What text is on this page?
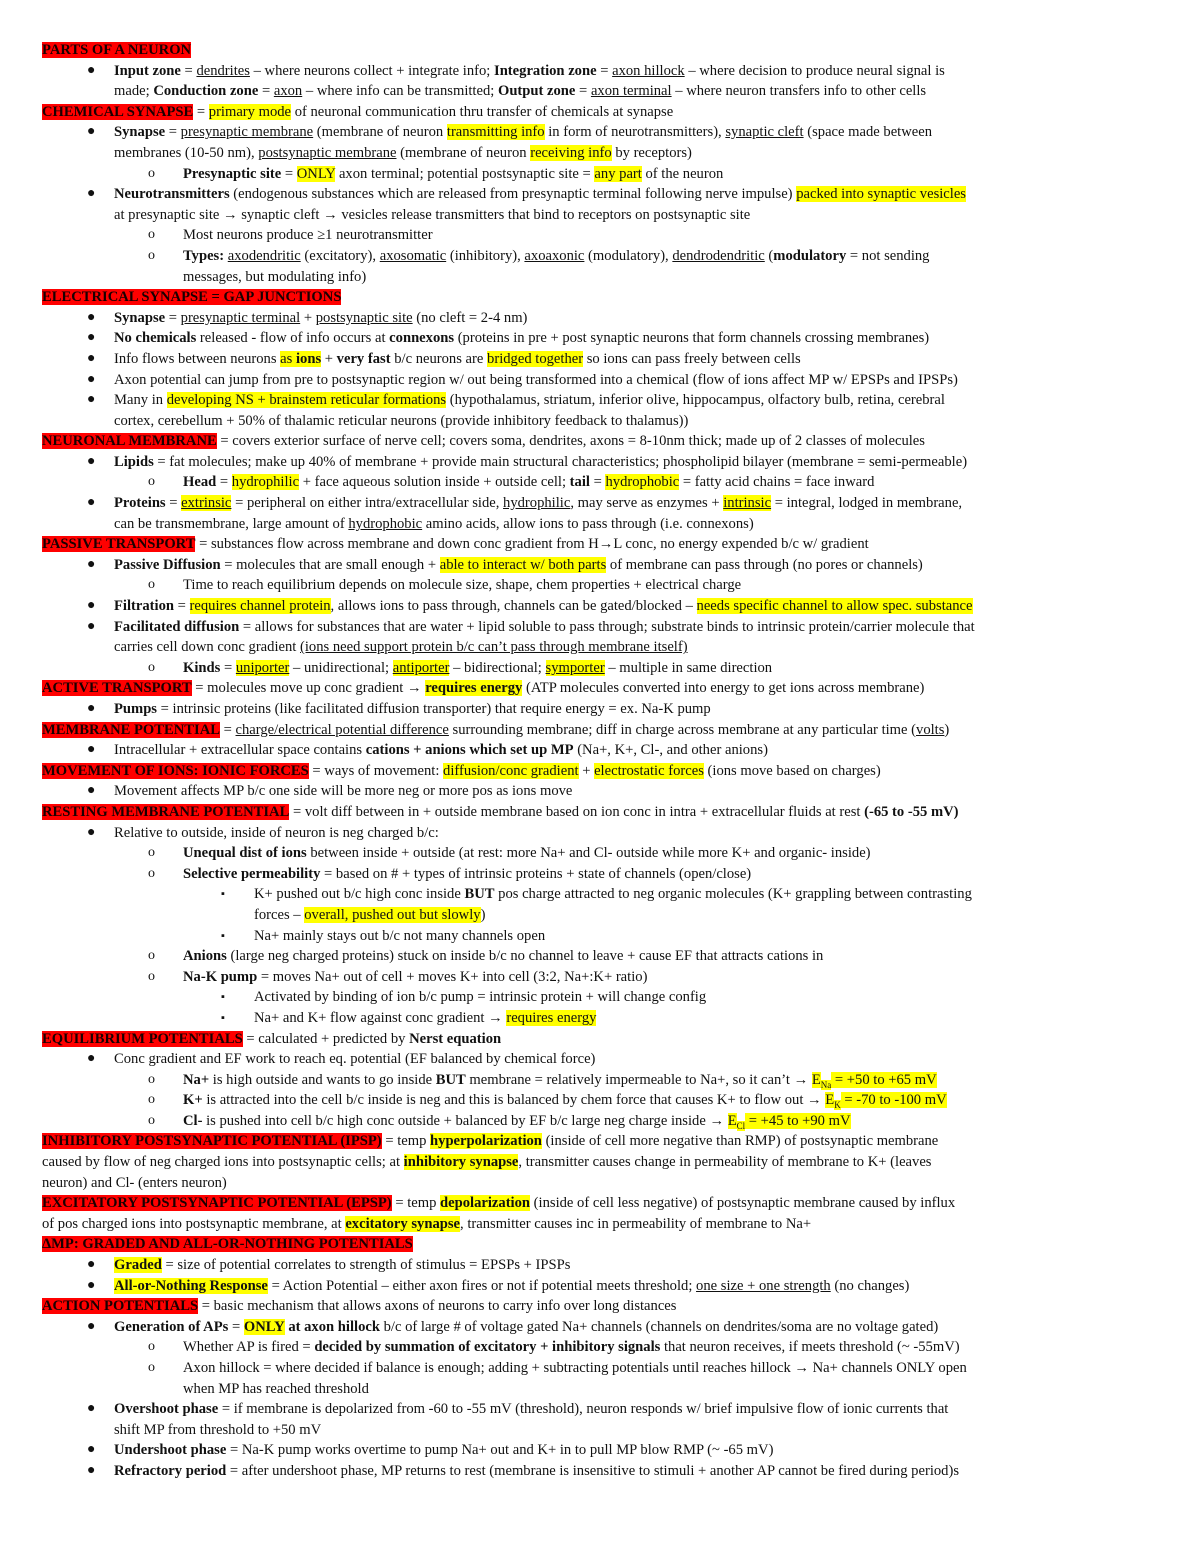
PARTS OF A NEURON
● Input zone = dendrites – where neurons collect + integrate info; Integration zone = axon hillock – where decision to produce neural signal is
made; Conduction zone = axon – where info can be transmitted; Output zone = axon terminal – where neuron transfers info to other cells
CHEMICAL SYNAPSE = primary mode of neuronal communication thru transfer of chemicals at synapse
● Synapse = presynaptic membrane (membrane of neuron transmitting info in form of neurotransmitters), synaptic cleft (space made between
membranes (10-50 nm), postsynaptic membrane (membrane of neuron receiving info by receptors)
o Presynaptic site = ONLY axon terminal; potential postsynaptic site = any part of the neuron
● Neurotransmitters (endogenous substances which are released from presynaptic terminal following nerve impulse) packed into synaptic vesicles
at presynaptic site → synaptic cleft → vesicles release transmitters that bind to receptors on postsynaptic site
o Most neurons produce ≥1 neurotransmitter
o Types: axodendritic (excitatory), axosomatic (inhibitory), axoaxonic (modulatory), dendrodendritic (modulatory = not sending
messages, but modulating info)
ELECTRICAL SYNAPSE = GAP JUNCTIONS
● Synapse = presynaptic terminal + postsynaptic site (no cleft = 2-4 nm)
● No chemicals released - flow of info occurs at connexons (proteins in pre + post synaptic neurons that form channels crossing membranes)
● Info flows between neurons as ions + very fast b/c neurons are bridged together so ions can pass freely between cells
● Axon potential can jump from pre to postsynaptic region w/ out being transformed into a chemical (flow of ions affect MP w/ EPSPs and IPSPs)
● Many in developing NS + brainstem reticular formations (hypothalamus, striatum, inferior olive, hippocampus, olfactory bulb, retina, cerebral
cortex, cerebellum + 50% of thalamic reticular neurons (provide inhibitory feedback to thalamus))
NEURONAL MEMBRANE = covers exterior surface of nerve cell; covers soma, dendrites, axons = 8-10nm thick; made up of 2 classes of molecules
● Lipids = fat molecules; make up 40% of membrane + provide main structural characteristics; phospholipid bilayer (membrane = semi-permeable)
o Head = hydrophilic + face aqueous solution inside + outside cell; tail = hydrophobic = fatty acid chains = face inward
● Proteins = extrinsic = peripheral on either intra/extracellular side, hydrophilic, may serve as enzymes + intrinsic = integral, lodged in membrane,
can be transmembrane, large amount of hydrophobic amino acids, allow ions to pass through (i.e. connexons)
PASSIVE TRANSPORT = substances flow across membrane and down conc gradient from H→L conc, no energy expended b/c w/ gradient
● Passive Diffusion = molecules that are small enough + able to interact w/ both parts of membrane can pass through (no pores or channels)
o Time to reach equilibrium depends on molecule size, shape, chem properties + electrical charge
● Filtration = requires channel protein, allows ions to pass through, channels can be gated/blocked – needs specific channel to allow spec. substance
● Facilitated diffusion = allows for substances that are water + lipid soluble to pass through; substrate binds to intrinsic protein/carrier molecule that
carries cell down conc gradient (ions need support protein b/c can’t pass through membrane itself)
o Kinds = uniporter – unidirectional; antiporter – bidirectional; symporter – multiple in same direction
ACTIVE TRANSPORT = molecules move up conc gradient → requires energy (ATP molecules converted into energy to get ions across membrane)
● Pumps = intrinsic proteins (like facilitated diffusion transporter) that require energy = ex. Na-K pump
MEMBRANE POTENTIAL = charge/electrical potential difference surrounding membrane; diff in charge across membrane at any particular time (volts)
● Intracellular + extracellular space contains cations + anions which set up MP (Na+, K+, Cl-, and other anions)
MOVEMENT OF IONS: IONIC FORCES = ways of movement: diffusion/conc gradient + electrostatic forces (ions move based on charges)
● Movement affects MP b/c one side will be more neg or more pos as ions move
RESTING MEMBRANE POTENTIAL = volt diff between in + outside membrane based on ion conc in intra + extracellular fluids at rest (-65 to -55 mV)
● Relative to outside, inside of neuron is neg charged b/c:
o Unequal dist of ions between inside + outside (at rest: more Na+ and Cl- outside while more K+ and organic- inside)
o Selective permeability = based on # + types of intrinsic proteins + state of channels (open/close)
▪ K+ pushed out b/c high conc inside BUT pos charge attracted to neg organic molecules (K+ grappling between contrasting
forces – overall, pushed out but slowly)
▪ Na+ mainly stays out b/c not many channels open
o Anions (large neg charged proteins) stuck on inside b/c no channel to leave + cause EF that attracts cations in
o Na-K pump = moves Na+ out of cell + moves K+ into cell (3:2, Na+:K+ ratio)
▪ Activated by binding of ion b/c pump = intrinsic protein + will change config
▪ Na+ and K+ flow against conc gradient → requires energy
EQUILIBRIUM POTENTIALS = calculated + predicted by Nerst equation
● Conc gradient and EF work to reach eq. potential (EF balanced by chemical force)
o Na+ is high outside and wants to go inside BUT membrane = relatively impermeable to Na+, so it can’t → $E_{Na} = +50$ to +65 mV
o K+ is attracted into the cell b/c inside is neg and this is balanced by chem force that causes K+ to flow out → $E_K = -70$ to -100 mV
o Cl- is pushed into cell b/c high conc outside + balanced by EF b/c large neg charge inside → $E_{Cl} = +45$ to +90 mV
INHIBITORY POSTSYNAPTIC POTENTIAL (IPSP) = temp hyperpolarization (inside of cell more negative than RMP) of postsynaptic membrane
caused by flow of neg charged ions into postsynaptic cells; at inhibitory synapse, transmitter causes change in permeability of membrane to K+ (leaves
neuron) and Cl- (enters neuron)
EXCITATORY POSTSYNAPTIC POTENTIAL (EPSP) = temp depolarization (inside of cell less negative) of postsynaptic membrane caused by influx
of pos charged ions into postsynaptic membrane, at excitatory synapse, transmitter causes inc in permeability of membrane to Na+
ΔMP: GRADED AND ALL-OR-NOTHING POTENTIALS
● Graded = size of potential correlates to strength of stimulus = EPSPs + IPSPs
● All-or-Nothing Response = Action Potential – either axon fires or not if potential meets threshold; one size + one strength (no changes)
ACTION POTENTIALS = basic mechanism that allows axons of neurons to carry info over long distances
● Generation of APs = ONLY at axon hillock b/c of large # of voltage gated Na+ channels (channels on dendrites/soma are no voltage gated)
o Whether AP is fired = decided by summation of excitatory + inhibitory signals that neuron receives, if meets threshold (~ -55mV)
o Axon hillock = where decided if balance is enough; adding + subtracting potentials until reaches hillock → Na+ channels ONLY open
when MP has reached threshold
● Overshoot phase = if membrane is depolarized from -60 to -55 mV (threshold), neuron responds w/ brief impulsive flow of ionic currents that
shift MP from threshold to +50 mV
● Undershoot phase = Na-K pump works overtime to pump Na+ out and K+ in to pull MP blow RMP (~ -65 mV)
● Refractory period = after undershoot phase, MP returns to rest (membrane is insensitive to stimuli + another AP cannot be fired during period)s
